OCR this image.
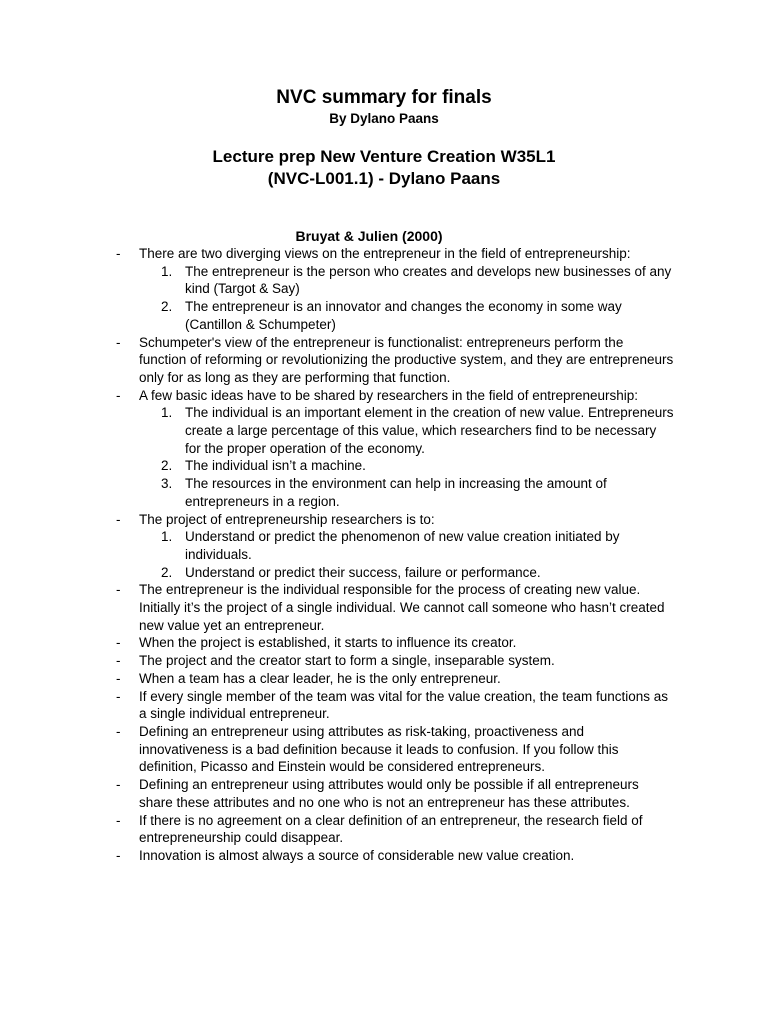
NVC summary for finals
By Dylano Paans
Lecture prep New Venture Creation W35L1
(NVC-L001.1) - Dylano Paans
Bruyat & Julien (2000)
- There are two diverging views on the entrepreneur in the field of entrepreneurship:
1. The entrepreneur is the person who creates and develops new businesses of any kind (Targot & Say)
2. The entrepreneur is an innovator and changes the economy in some way (Cantillon & Schumpeter)
- Schumpeter's view of the entrepreneur is functionalist: entrepreneurs perform the function of reforming or revolutionizing the productive system, and they are entrepreneurs only for as long as they are performing that function.
- A few basic ideas have to be shared by researchers in the field of entrepreneurship:
1. The individual is an important element in the creation of new value. Entrepreneurs create a large percentage of this value, which researchers find to be necessary for the proper operation of the economy.
2. The individual isn’t a machine.
3. The resources in the environment can help in increasing the amount of entrepreneurs in a region.
- The project of entrepreneurship researchers is to:
1. Understand or predict the phenomenon of new value creation initiated by individuals.
2. Understand or predict their success, failure or performance.
- The entrepreneur is the individual responsible for the process of creating new value. Initially it’s the project of a single individual. We cannot call someone who hasn’t created new value yet an entrepreneur.
- When the project is established, it starts to influence its creator.
- The project and the creator start to form a single, inseparable system.
- When a team has a clear leader, he is the only entrepreneur.
- If every single member of the team was vital for the value creation, the team functions as a single individual entrepreneur.
- Defining an entrepreneur using attributes as risk-taking, proactiveness and innovativeness is a bad definition because it leads to confusion. If you follow this definition, Picasso and Einstein would be considered entrepreneurs.
- Defining an entrepreneur using attributes would only be possible if all entrepreneurs share these attributes and no one who is not an entrepreneur has these attributes.
- If there is no agreement on a clear definition of an entrepreneur, the research field of entrepreneurship could disappear.
- Innovation is almost always a source of considerable new value creation.
